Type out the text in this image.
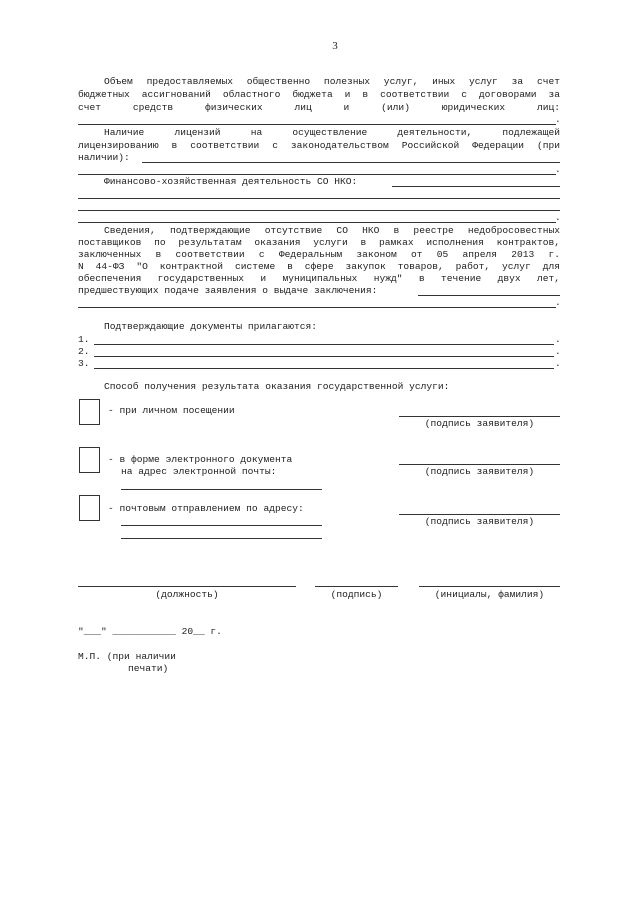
3
Объем предоставляемых общественно полезных услуг, иных услуг за счет
бюджетных ассигнований областного бюджета и в соответствии с договорами за
счет средств физических лиц и (или) юридических лиц:
.
Наличие лицензий на осуществление деятельности, подлежащей
лицензированию в соответствии с законодательством Российской Федерации (при
наличии):
.
Финансово-хозяйственная деятельность СО НКО:
.
Сведения, подтверждающие отсутствие СО НКО в реестре недобросовестных
поставщиков по результатам оказания услуги в рамках исполнения контрактов,
заключенных в соответствии с Федеральным законом от 05 апреля 2013 г.
N 44-ФЗ "О контрактной системе в сфере закупок товаров, работ, услуг для
обеспечения государственных и муниципальных нужд" в течение двух лет,
предшествующих подаче заявления о выдаче заключения:
.
Подтверждающие документы прилагаются:
1.	.
2.	.
3.	.
Способ получения результата оказания государственной услуги:
- при личном посещении
(подпись заявителя)
- в форме электронного документа
на адрес электронной почты:	(подпись заявителя)
- почтовым отправлением по адресу:
(подпись заявителя)
(должность)	(подпись)	(инициалы, фамилия)
"___" ___________ 20__ г.
М.П. (при наличии
печати)
